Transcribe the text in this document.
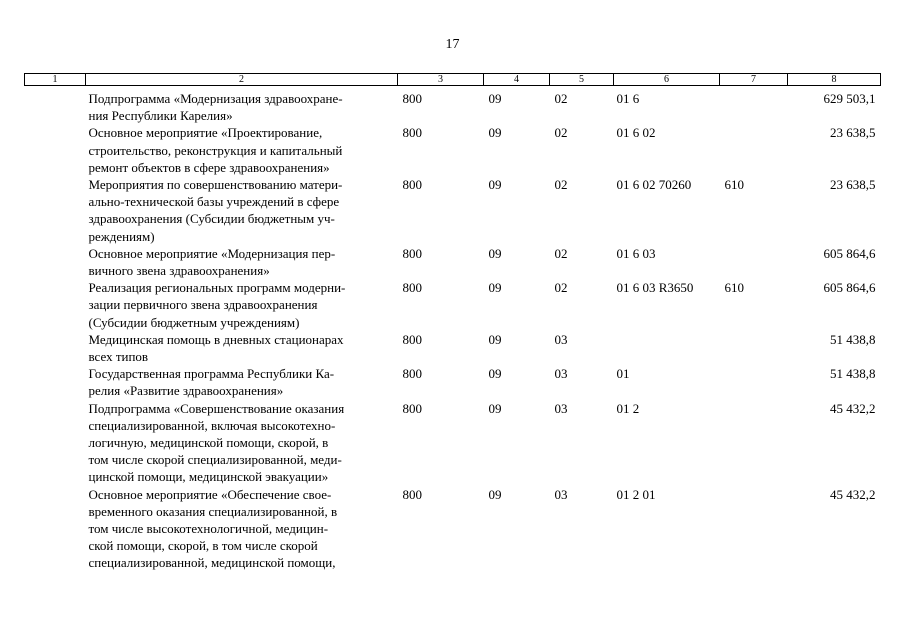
17
1	2	3	4	5	6	7	8

	Подпрограмма «Модернизация здравоохране-
ния Республики Карелия»	800	09	02	01 6		629 503,1

	Основное мероприятие «Проектирование,
строительство, реконструкция и капитальный
ремонт объектов в сфере здравоохранения»	800	09	02	01 6 02		23 638,5

	Мероприятия по совершенствованию матери-
ально-технической базы учреждений в сфере
здравоохранения (Субсидии бюджетным уч-
реждениям)	800	09	02	01 6 02 70260	610	23 638,5

	Основное мероприятие «Модернизация пер-
вичного звена здравоохранения»	800	09	02	01 6 03		605 864,6

	Реализация региональных программ модерни-
зации первичного звена здравоохранения
(Субсидии бюджетным учреждениям)	800	09	02	01 6 03 R3650	610	605 864,6

	Медицинская помощь в дневных стационарах
всех типов	800	09	03			51 438,8

	Государственная программа Республики Ка-
релия «Развитие здравоохранения»	800	09	03	01		51 438,8

	Подпрограмма «Совершенствование оказания
специализированной, включая высокотехно-
логичную, медицинской помощи, скорой, в
том числе скорой специализированной, меди-
цинской помощи, медицинской эвакуации»	800	09	03	01 2		45 432,2

	Основное мероприятие «Обеспечение свое-
временного оказания специализированной, в
том числе высокотехнологичной, медицин-
ской помощи, скорой, в том числе скорой
специализированной, медицинской помощи,	800	09	03	01 2 01		45 432,2
